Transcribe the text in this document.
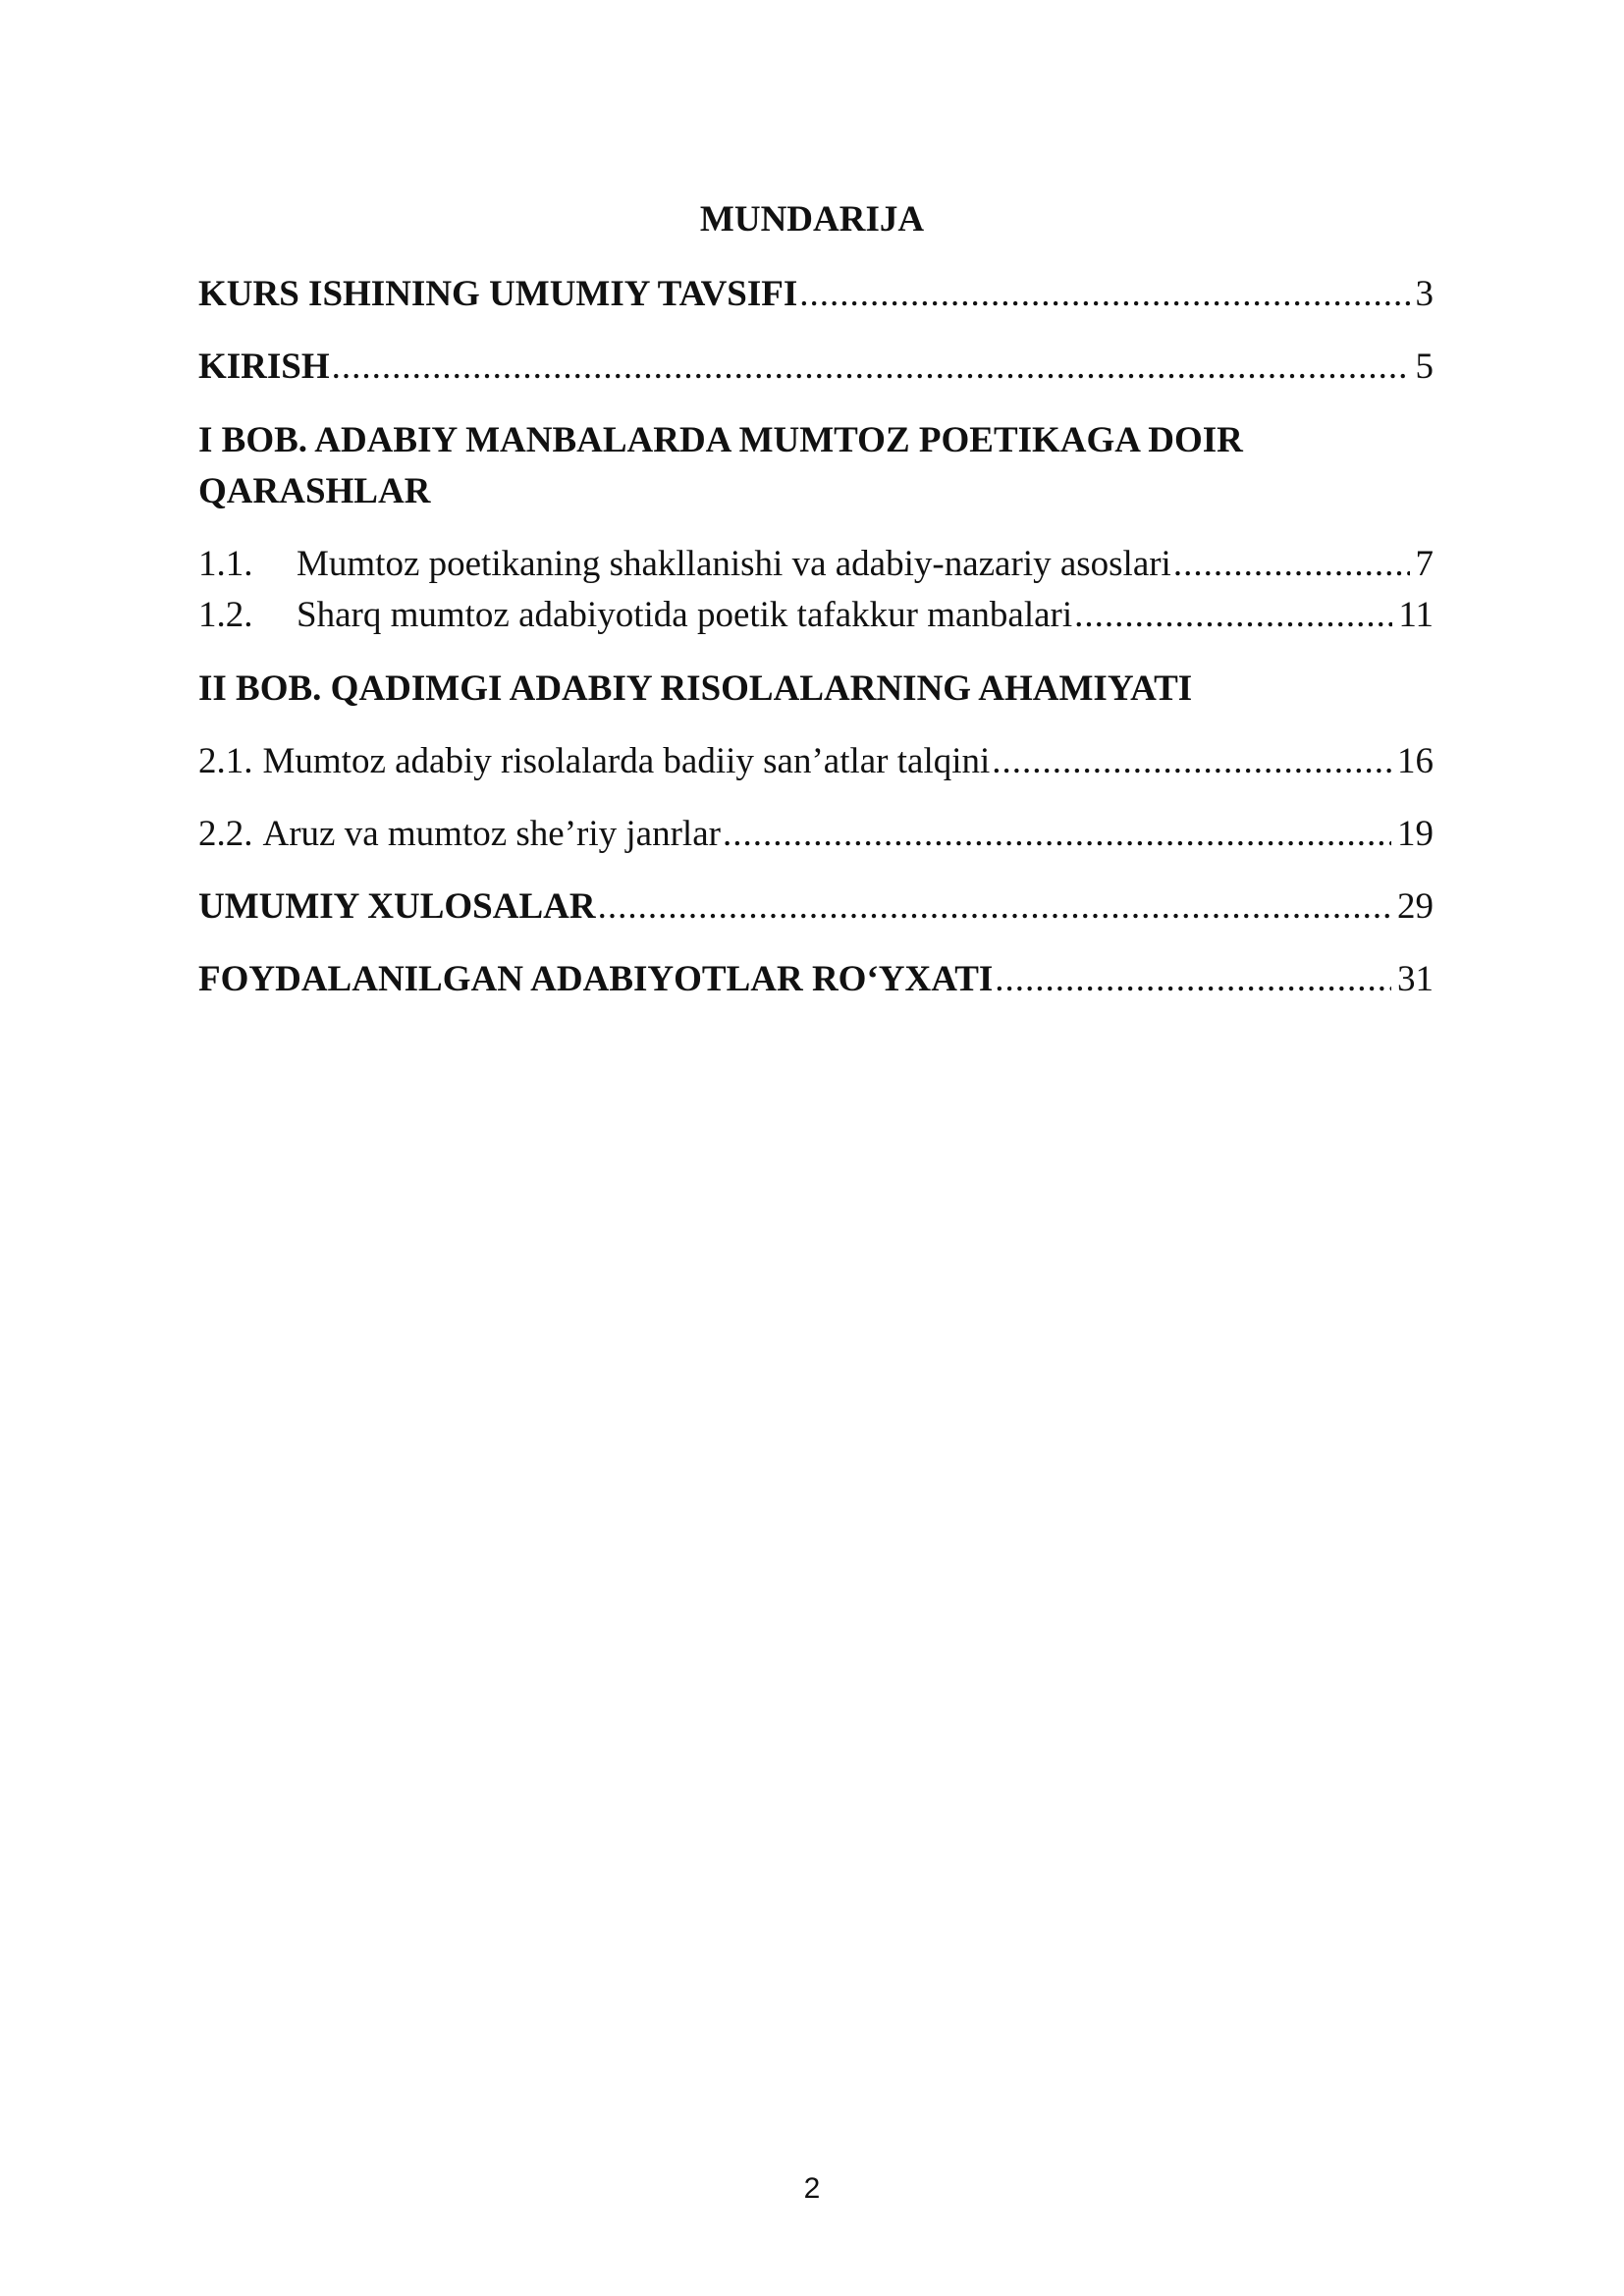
MUNDARIJA
KURS ISHINING UMUMIY TAVSIFI .....	3
KIRISH .....	5
I BOB. ADABIY MANBALARDA MUMTOZ POETIKAGA DOIR QARASHLAR
1.1.	Mumtoz poetikaning shakllanishi va adabiy-nazariy asoslari .....	7
1.2.	Sharq mumtoz adabiyotida poetik tafakkur manbalari .....	11
II BOB. QADIMGI ADABIY RISOLALARNING AHAMIYATI
2.1. Mumtoz adabiy risolalarda badiiy san’atlar talqini .....	16
2.2. Aruz va mumtoz she’riy janrlar .....	19
UMUMIY XULOSALAR .....	29
FOYDALANILGAN ADABIYOTLAR RO‘YXATI .....	31
2
